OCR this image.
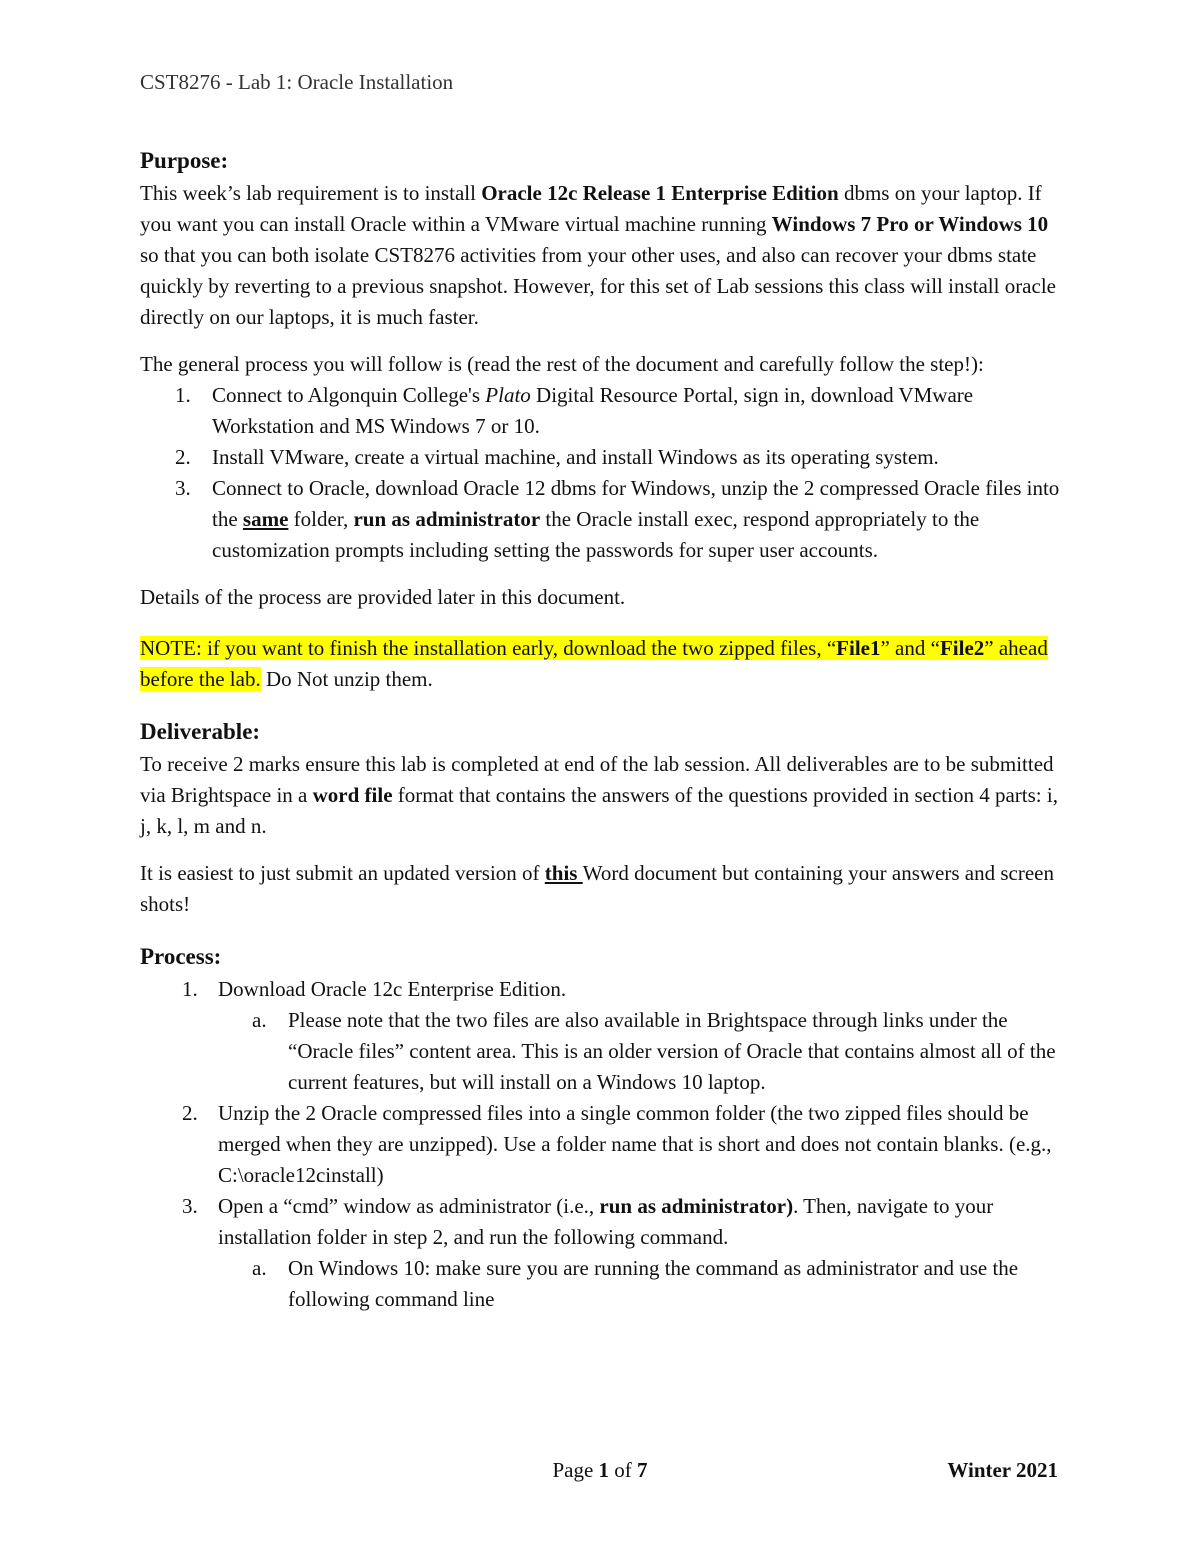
CST8276 - Lab 1: Oracle Installation
Purpose:

This week’s lab requirement is to install Oracle 12c Release 1 Enterprise Edition dbms on your laptop. If you want you can install Oracle within a VMware virtual machine running Windows 7 Pro or Windows 10 so that you can both isolate CST8276 activities from your other uses, and also can recover your dbms state quickly by reverting to a previous snapshot. However, for this set of Lab sessions this class will install oracle directly on our laptops, it is much faster.

The general process you will follow is (read the rest of the document and carefully follow the step!):

1. Connect to Algonquin College's Plato Digital Resource Portal, sign in, download VMware Workstation and MS Windows 7 or 10.
2. Install VMware, create a virtual machine, and install Windows as its operating system.
3. Connect to Oracle, download Oracle 12 dbms for Windows, unzip the 2 compressed Oracle files into the same folder, run as administrator the Oracle install exec, respond appropriately to the customization prompts including setting the passwords for super user accounts.

Details of the process are provided later in this document.

NOTE: if you want to finish the installation early, download the two zipped files, “File1” and “File2” ahead before the lab. Do Not unzip them.

Deliverable:

To receive 2 marks ensure this lab is completed at end of the lab session. All deliverables are to be submitted via Brightspace in a word file format that contains the answers of the questions provided in section 4 parts: i, j, k, l, m and n.

It is easiest to just submit an updated version of this Word document but containing your answers and screen shots!

Process:
1. Download Oracle 12c Enterprise Edition.
a. Please note that the two files are also available in Brightspace through links under the “Oracle files” content area. This is an older version of Oracle that contains almost all of the current features, but will install on a Windows 10 laptop.
2. Unzip the 2 Oracle compressed files into a single common folder (the two zipped files should be merged when they are unzipped). Use a folder name that is short and does not contain blanks. (e.g., C:\oracle12cinstall)
3. Open a “cmd” window as administrator (i.e., run as administrator). Then, navigate to your installation folder in step 2, and run the following command.
a. On Windows 10: make sure you are running the command as administrator and use the following command line
Page 1 of 7	Winter 2021
